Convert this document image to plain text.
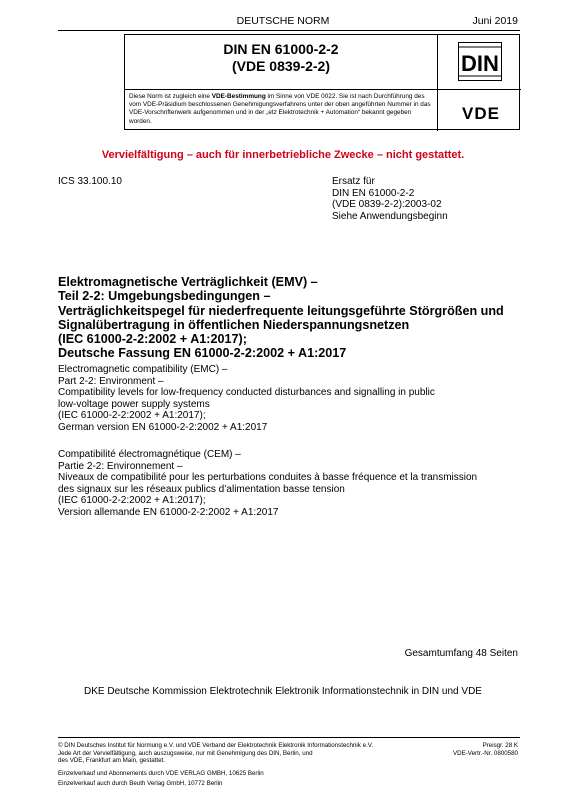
DEUTSCHE NORM	Juni 2019
DIN EN 61000-2-2
(VDE 0839-2-2)	DIN
Diese Norm ist zugleich eine VDE-Bestimmung im Sinne von VDE 0022. Sie ist nach Durchführung des vom VDE-Präsidium beschlossenen Genehmigungsverfahrens unter der oben angeführten Nummer in das VDE-Vorschriftenwerk aufgenommen und in der „etz Elektrotechnik + Automation“ bekannt gegeben worden.	VDE
Vervielfältigung – auch für innerbetriebliche Zwecke – nicht gestattet.
ICS 33.100.10	Ersatz für
DIN EN 61000-2-2
(VDE 0839-2-2):2003-02
Siehe Anwendungsbeginn
Elektromagnetische Verträglichkeit (EMV) –
Teil 2-2: Umgebungsbedingungen –
Verträglichkeitspegel für niederfrequente leitungsgeführte Störgrößen und
Signalübertragung in öffentlichen Niederspannungsnetzen
(IEC 61000-2-2:2002 + A1:2017);
Deutsche Fassung EN 61000-2-2:2002 + A1:2017
Electromagnetic compatibility (EMC) –
Part 2-2: Environment –
Compatibility levels for low-frequency conducted disturbances and signalling in public
low-voltage power supply systems
(IEC 61000-2-2:2002 + A1:2017);
German version EN 61000-2-2:2002 + A1:2017
Compatibilité électromagnétique (CEM) –
Partie 2-2: Environnement –
Niveaux de compatibilité pour les perturbations conduites à basse fréquence et la transmission
des signaux sur les réseaux publics d’alimentation basse tension
(IEC 61000-2-2:2002 + A1:2017);
Version allemande EN 61000-2-2:2002 + A1:2017
Gesamtumfang 48 Seiten
DKE Deutsche Kommission Elektrotechnik Elektronik Informationstechnik in DIN und VDE
© DIN Deutsches Institut für Normung e.V. und VDE Verband der Elektrotechnik Elektronik Informationstechnik e.V.
Jede Art der Vervielfältigung, auch auszugsweise, nur mit Genehmigung des DIN, Berlin, und
des VDE, Frankfurt am Main, gestattet.
Preisgr. 28 K
VDE-Vertr.-Nr. 0800580
Einzelverkauf und Abonnements durch VDE VERLAG GMBH, 10625 Berlin
Einzelverkauf auch durch Beuth Verlag GmbH, 10772 Berlin
